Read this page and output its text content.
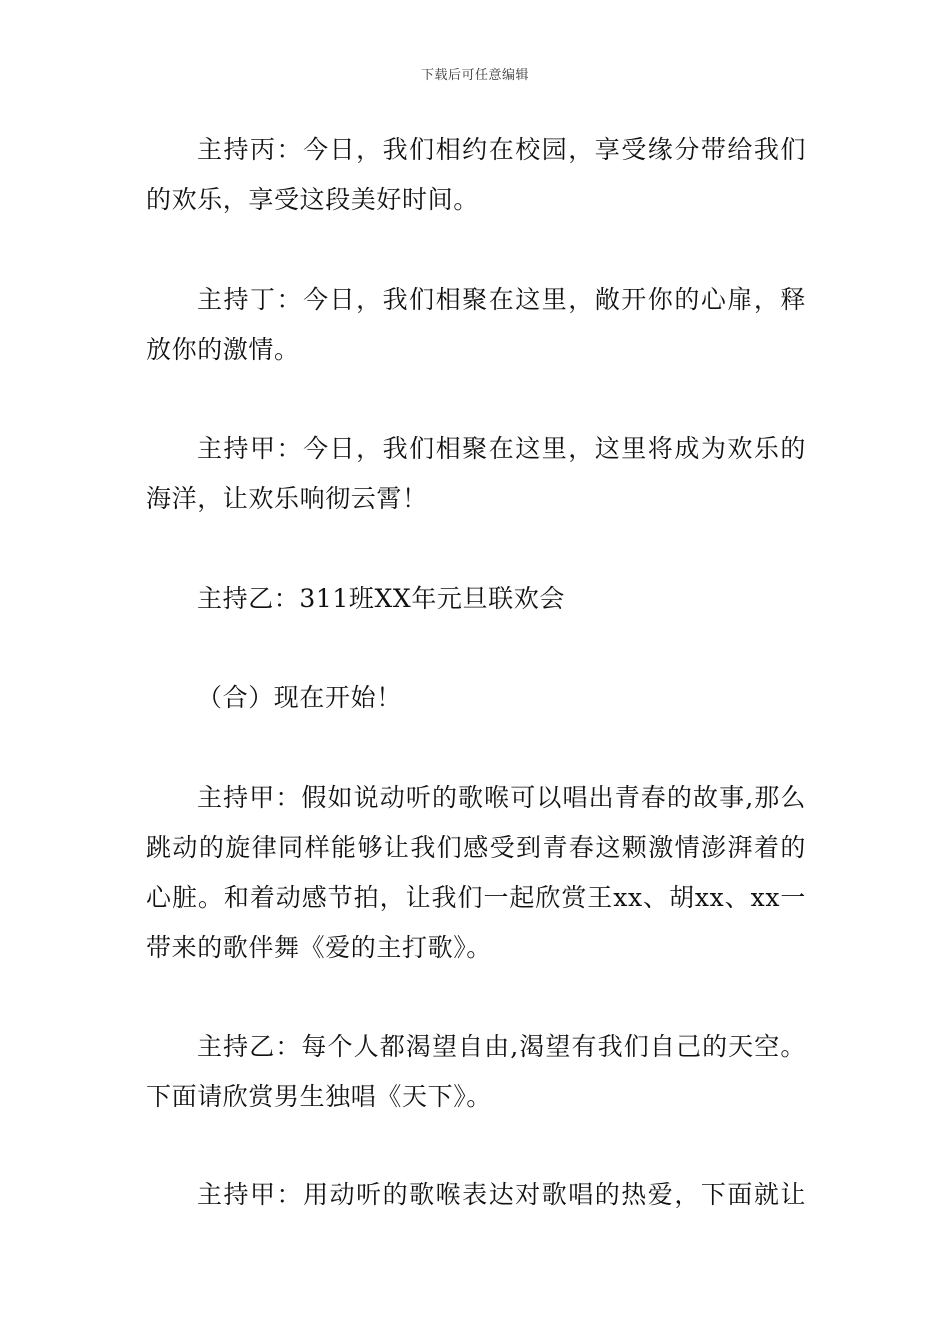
下载后可任意编辑

主持丙：今日，我们相约在校园，享受缘分带给我们的欢乐，享受这段美好时间。

主持丁：今日，我们相聚在这里，敞开你的心扉，释放你的激情。

主持甲：今日，我们相聚在这里，这里将成为欢乐的海洋，让欢乐响彻云霄！

主持乙：311班XX年元旦联欢会

（合）现在开始！

主持甲：假如说动听的歌喉可以唱出青春的故事,那么跳动的旋律同样能够让我们感受到青春这颗激情澎湃着的心脏。和着动感节拍，让我们一起欣赏王xx、胡xx、xx一带来的歌伴舞《爱的主打歌》。

主持乙：每个人都渴望自由,渴望有我们自己的天空。下面请欣赏男生独唱《天下》。

主持甲：用动听的歌喉表达对歌唱的热爱，下面就让
